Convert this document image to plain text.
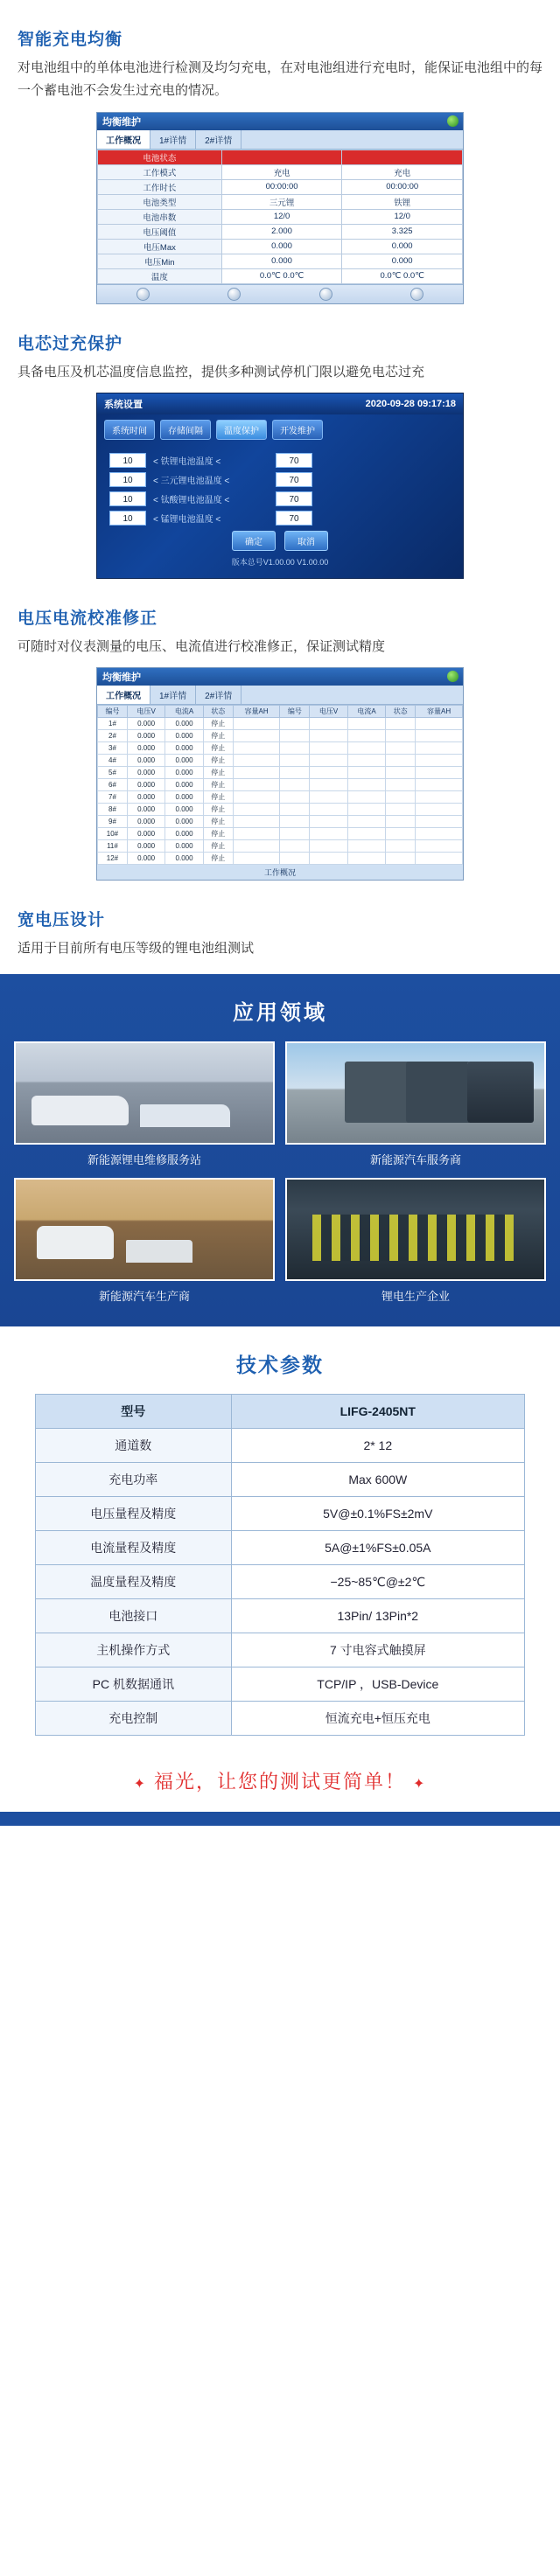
智能充电均衡

对电池组中的单体电池进行检测及均匀充电，在对电池组进行充电时，能保证电池组中的每一个蓄电池不会发生过充电的情况。

均衡维护
工作概况	1#详情	2#详情
电池状态		
工作模式	充电	充电
工作时长	00:00:00	00:00:00
电池类型	三元锂	铁锂
电池串数	12/0	12/0
电压阈值	2.000	3.325
电压Max	0.000	0.000
电压Min	0.000	0.000
温度	0.0℃ 0.0℃	0.0℃ 0.0℃
电芯过充保护

具备电压及机芯温度信息监控，提供多种测试停机门限以避免电芯过充

系统设置	2020-09-28 09:17:18
系统时间	存储间隔	温度保护	开发维护
10	< 铁锂电池温度 <	70
10	< 三元锂电池温度 <	70
10	< 钛酸锂电池温度 <	70
10	< 锰锂电池温度 <	70
确定	取消
版本总号V1.00.00 V1.00.00
电压电流校准修正

可随时对仪表测量的电压、电流值进行校准修正，保证测试精度

均衡维护
工作概况	1#详情	2#详情
编号	电压V	电流A	状态	容量AH	编号	电压V	电流A	状态	容量AH
1#	0.000	0.000	停止						
2#	0.000	0.000	停止						
3#	0.000	0.000	停止						
4#	0.000	0.000	停止						
5#	0.000	0.000	停止						
6#	0.000	0.000	停止						
7#	0.000	0.000	停止						
8#	0.000	0.000	停止						
9#	0.000	0.000	停止						
10#	0.000	0.000	停止						
11#	0.000	0.000	停止						
12#	0.000	0.000	停止						
工作概况
宽电压设计

适用于目前所有电压等级的锂电池组测试

应用领域
新能源锂电维修服务站	新能源汽车服务商
新能源汽车生产商	锂电生产企业
技术参数
型号	LIFG-2405NT
通道数	2* 12
充电功率	Max 600W
电压量程及精度	5V@±0.1%FS±2mV
电流量程及精度	5A@±1%FS±0.05A
温度量程及精度	−25~85℃@±2℃
电池接口	13Pin/ 13Pin*2
主机操作方式	7 寸电容式触摸屏
PC 机数据通讯	TCP/IP ，USB-Device
充电控制	恒流充电+恒压充电
✦ 福光，让您的测试更简单！ ✦
